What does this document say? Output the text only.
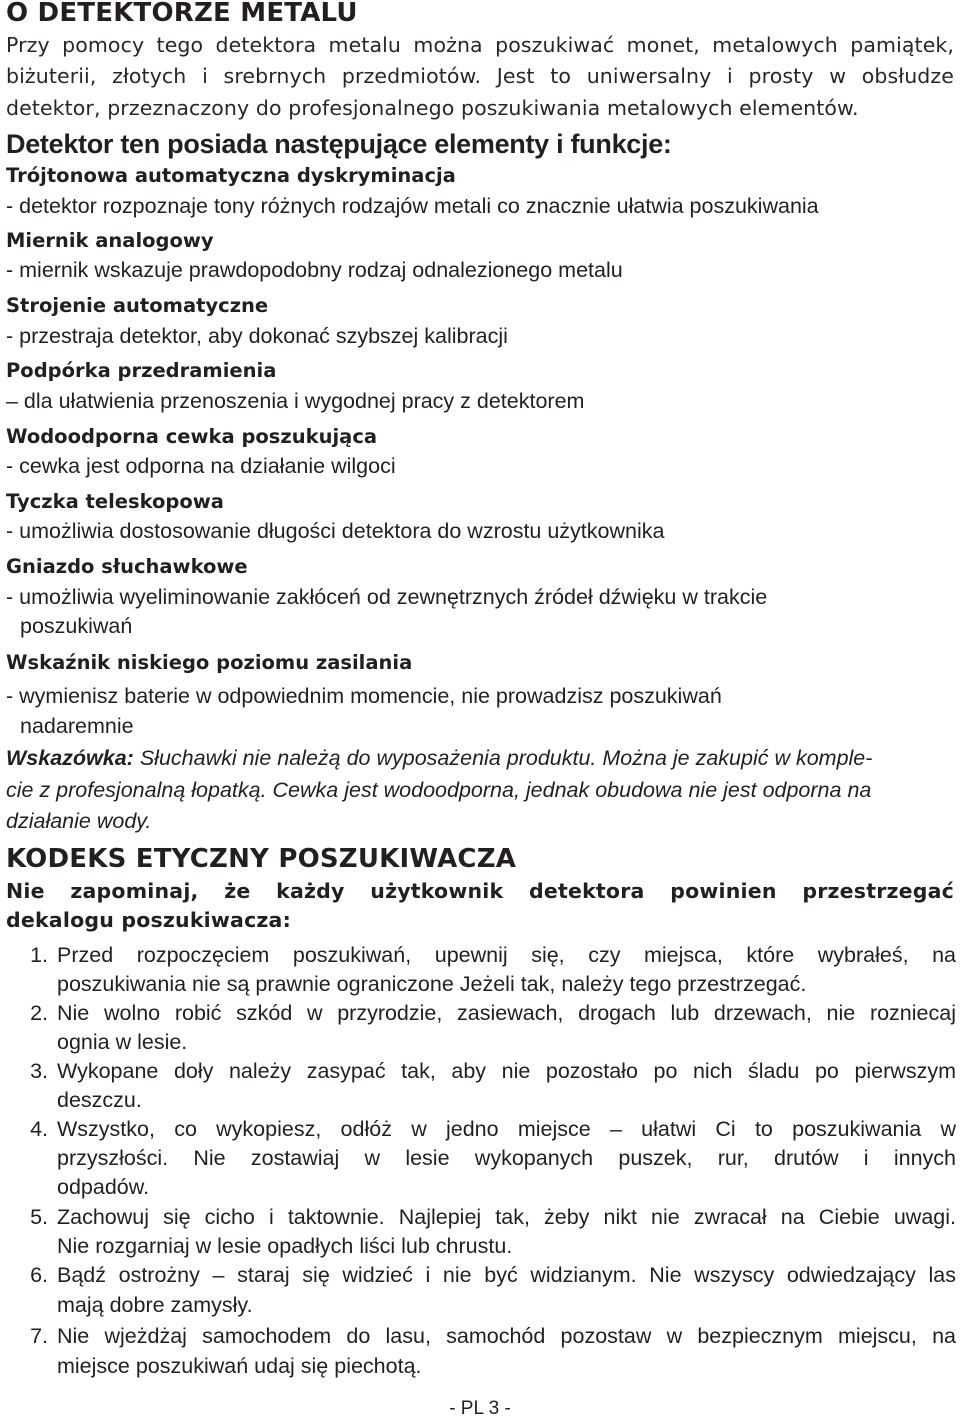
O DETEKTORZE METALU
Przy pomocy tego detektora metalu można poszukiwać monet, metalowych pamiątek,
biżuterii, złotych i srebrnych przedmiotów. Jest to uniwersalny i prosty w obsłudze
detektor, przeznaczony do profesjonalnego poszukiwania metalowych elementów.
Detektor ten posiada następujące elementy i funkcje:
Trójtonowa automatyczna dyskryminacja
- detektor rozpoznaje tony różnych rodzajów metali co znacznie ułatwia poszukiwania
Miernik analogowy
- miernik wskazuje prawdopodobny rodzaj odnalezionego metalu
Strojenie automatyczne
- przestraja detektor, aby dokonać szybszej kalibracji
Podpórka przedramienia
– dla ułatwienia przenoszenia i wygodnej pracy z detektorem
Wodoodporna cewka poszukująca
- cewka jest odporna na działanie wilgoci
Tyczka teleskopowa
- umożliwia dostosowanie długości detektora do wzrostu użytkownika
Gniazdo słuchawkowe
- umożliwia wyeliminowanie zakłóceń od zewnętrznych źródeł dźwięku w trakcie
poszukiwań
Wskaźnik niskiego poziomu zasilania
- wymienisz baterie w odpowiednim momencie, nie prowadzisz poszukiwań
nadaremnie
Wskazówka: Słuchawki nie należą do wyposażenia produktu. Można je zakupić w komple-
cie z profesjonalną łopatką. Cewka jest wodoodporna, jednak obudowa nie jest odporna na
działanie wody.
KODEKS ETYCZNY POSZUKIWACZA
Nie zapominaj, że każdy użytkownik detektora powinien przestrzegać
dekalogu poszukiwacza:
1. Przed rozpoczęciem poszukiwań, upewnij się, czy miejsca, które wybrałeś, na
poszukiwania nie są prawnie ograniczone Jeżeli tak, należy tego przestrzegać.
2. Nie wolno robić szkód w przyrodzie, zasiewach, drogach lub drzewach, nie rozniecaj
ognia w lesie.
3. Wykopane doły należy zasypać tak, aby nie pozostało po nich śladu po pierwszym
deszczu.
4. Wszystko, co wykopiesz, odłóż w jedno miejsce – ułatwi Ci to poszukiwania w
przyszłości. Nie zostawiaj w lesie wykopanych puszek, rur, drutów i innych
odpadów.
5. Zachowuj się cicho i taktownie. Najlepiej tak, żeby nikt nie zwracał na Ciebie uwagi.
Nie rozgarniaj w lesie opadłych liści lub chrustu.
6. Bądź ostrożny – staraj się widzieć i nie być widzianym. Nie wszyscy odwiedzający las
mają dobre zamysły.
7. Nie wjeżdżaj samochodem do lasu, samochód pozostaw w bezpiecznym miejscu, na
miejsce poszukiwań udaj się piechotą.
- PL 3 -
